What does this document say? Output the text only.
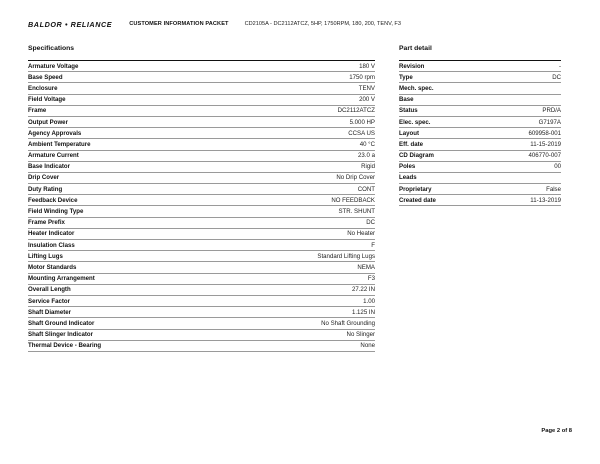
BALDOR • RELIANCE	CUSTOMER INFORMATION PACKET	CD2105A - DC2112ATCZ, 5HP, 1750RPM, 180, 200, TENV, F3
Specifications	Part detail
Armature Voltage	180 V
Base Speed	1750 rpm
Enclosure	TENV
Field Voltage	200 V
Frame	DC2112ATCZ
Output Power	5.000 HP
Agency Approvals	CCSA US
Ambient Temperature	40 °C
Armature Current	23.0 a
Base Indicator	Rigid
Drip Cover	No Drip Cover
Duty Rating	CONT
Feedback Device	NO FEEDBACK
Field Winding Type	STR. SHUNT
Frame Prefix	DC
Heater Indicator	No Heater
Insulation Class	F
Lifting Lugs	Standard Lifting Lugs
Motor Standards	NEMA
Mounting Arrangement	F3
Overall Length	27.22 IN
Service Factor	1.00
Shaft Diameter	1.125 IN
Shaft Ground Indicator	No Shaft Grounding
Shaft Slinger Indicator	No Slinger
Thermal Device - Bearing	None
Revision	-
Type	DC
Mech. spec.
Base
Status	PRD/A
Elec. spec.	G7197A
Layout	609958-001
Eff. date	11-15-2019
CD Diagram	406770-007
Poles	00
Leads
Proprietary	False
Created date	11-13-2019
Page 2 of 8
